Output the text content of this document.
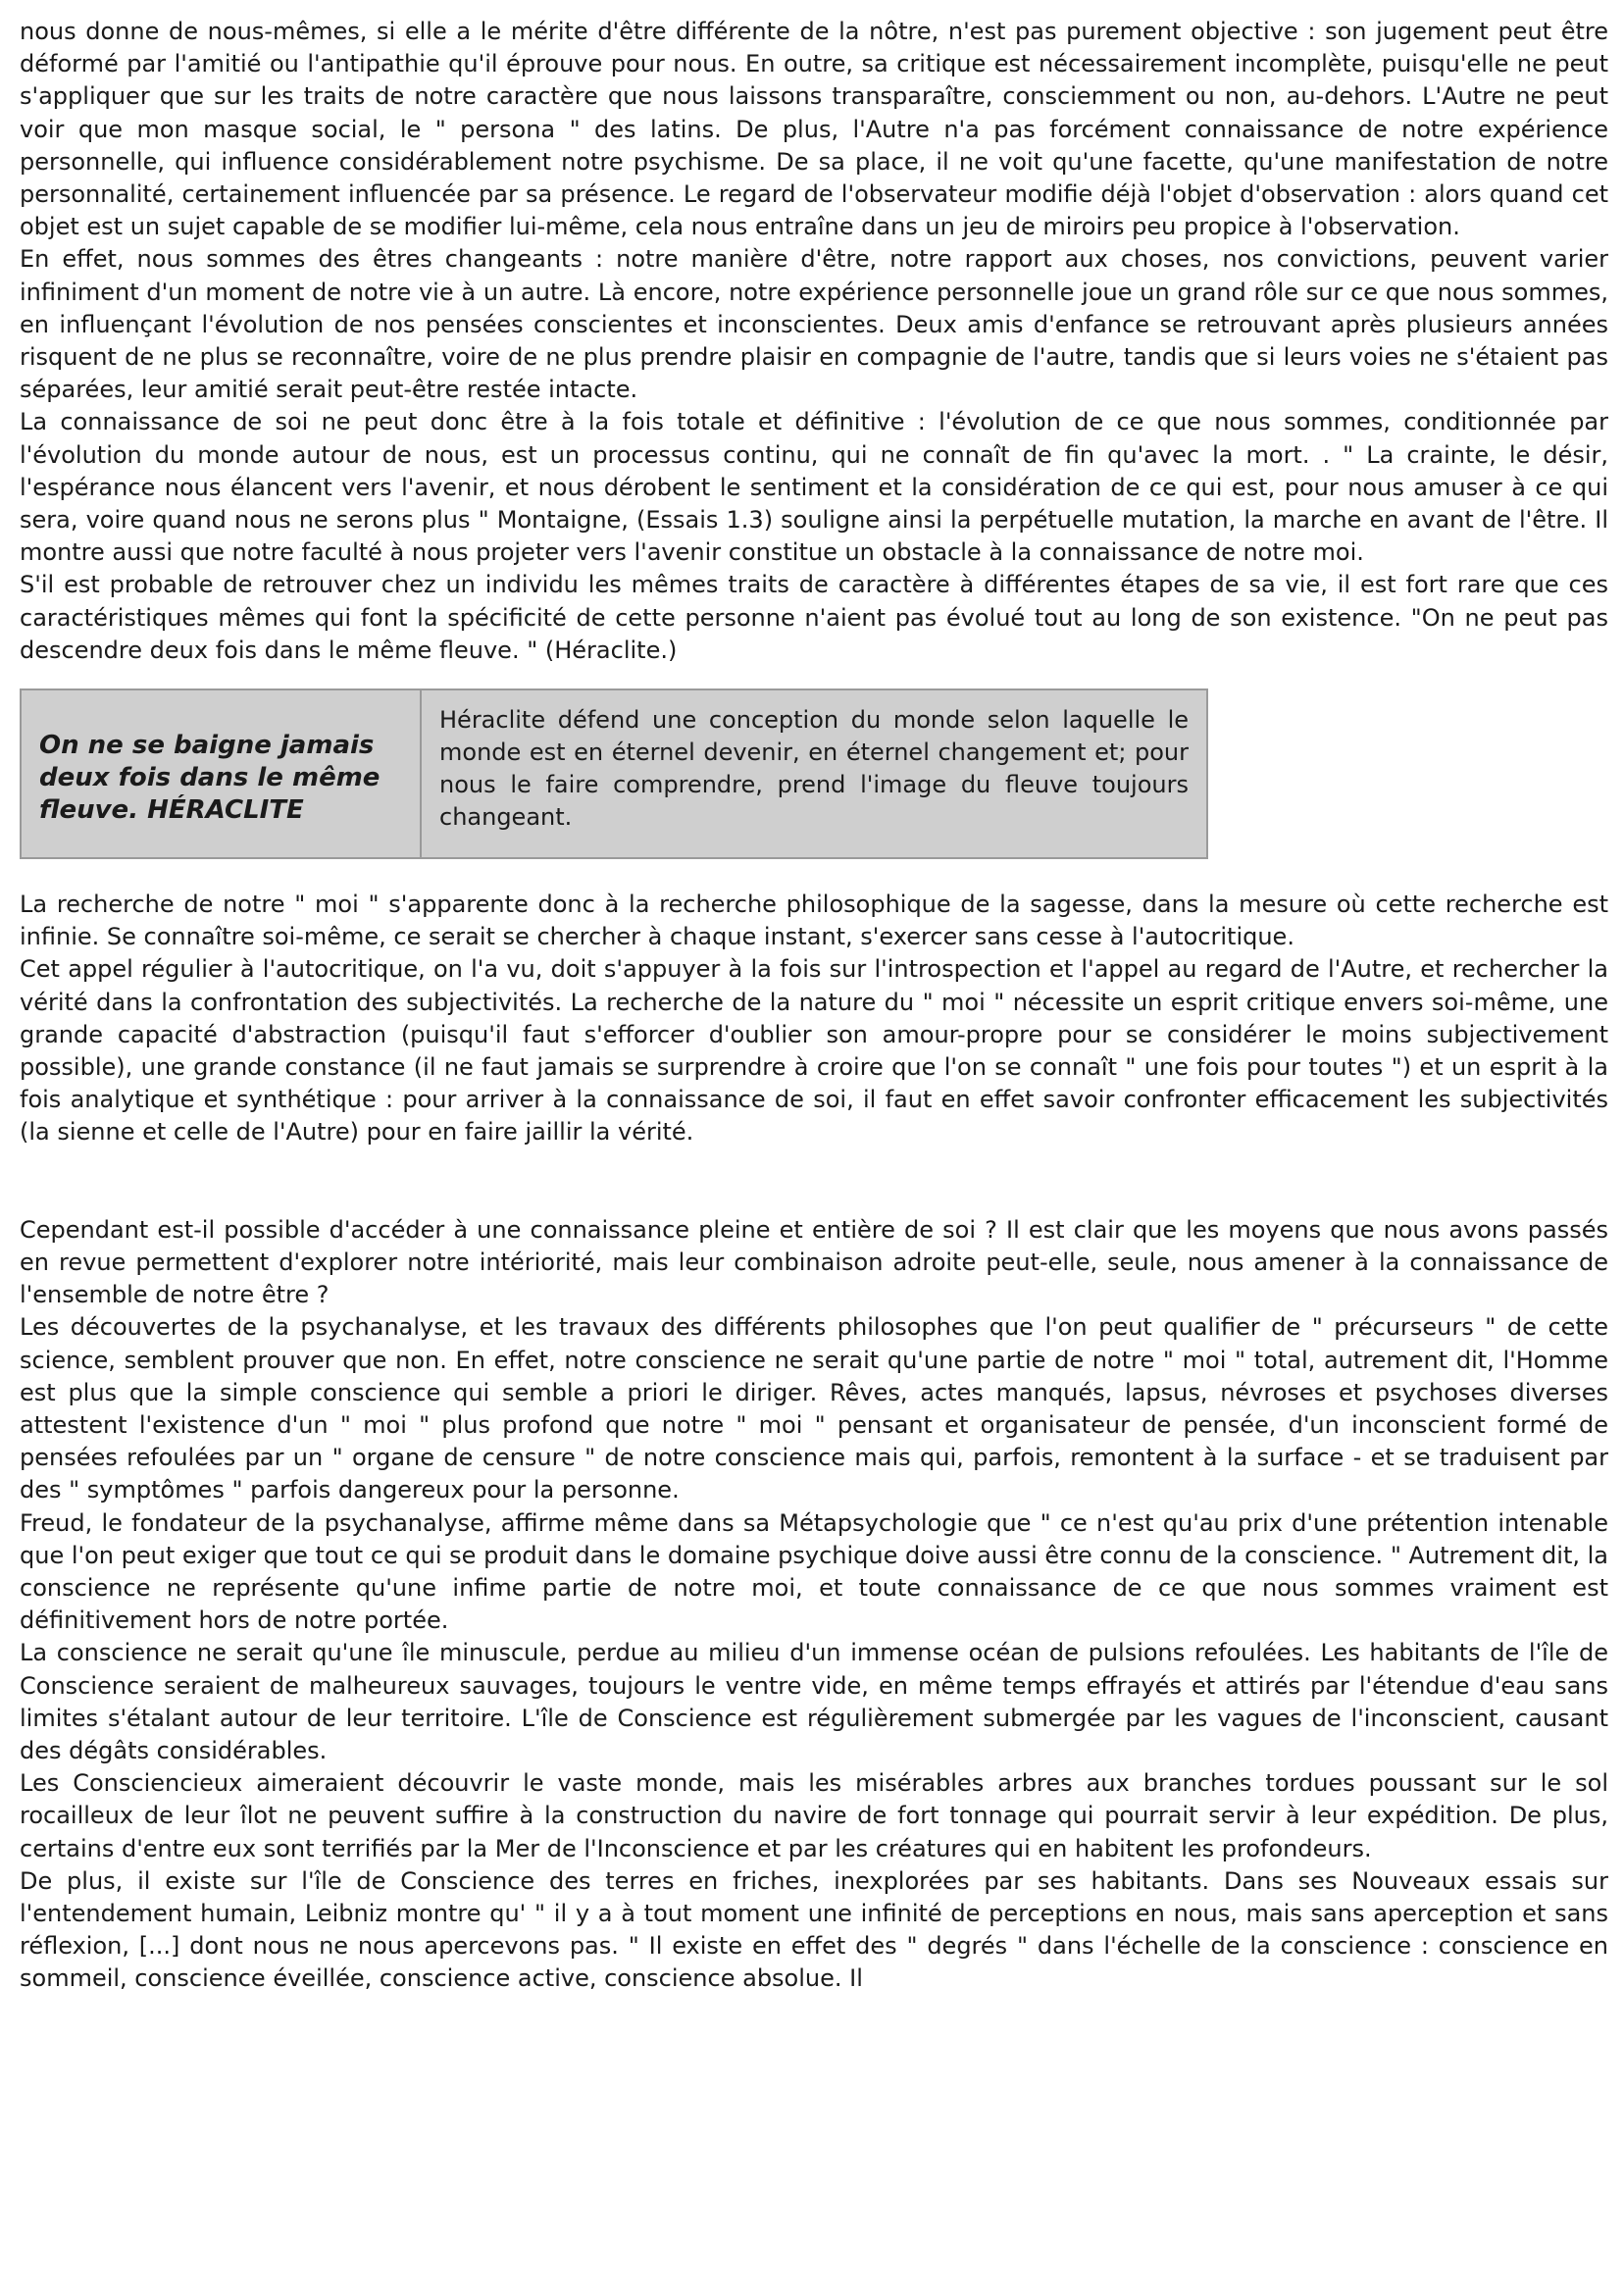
nous donne de nous-mêmes, si elle a le mérite d'être différente de la nôtre, n'est pas purement objective : son jugement peut être déformé par l'amitié ou l'antipathie qu'il éprouve pour nous. En outre, sa critique est nécessairement incomplète, puisqu'elle ne peut s'appliquer que sur les traits de notre caractère que nous laissons transparaître, consciemment ou non, au-dehors. L'Autre ne peut voir que mon masque social, le " persona " des latins. De plus, l'Autre n'a pas forcément connaissance de notre expérience personnelle, qui influence considérablement notre psychisme. De sa place, il ne voit qu'une facette, qu'une manifestation de notre personnalité, certainement influencée par sa présence. Le regard de l'observateur modifie déjà l'objet d'observation : alors quand cet objet est un sujet capable de se modifier lui-même, cela nous entraîne dans un jeu de miroirs peu propice à l'observation.

En effet, nous sommes des êtres changeants : notre manière d'être, notre rapport aux choses, nos convictions, peuvent varier infiniment d'un moment de notre vie à un autre. Là encore, notre expérience personnelle joue un grand rôle sur ce que nous sommes, en influençant l'évolution de nos pensées conscientes et inconscientes. Deux amis d'enfance se retrouvant après plusieurs années risquent de ne plus se reconnaître, voire de ne plus prendre plaisir en compagnie de l'autre, tandis que si leurs voies ne s'étaient pas séparées, leur amitié serait peut-être restée intacte.

La connaissance de soi ne peut donc être à la fois totale et définitive : l'évolution de ce que nous sommes, conditionnée par l'évolution du monde autour de nous, est un processus continu, qui ne connaît de fin qu'avec la mort. . " La crainte, le désir, l'espérance nous élancent vers l'avenir, et nous dérobent le sentiment et la considération de ce qui est, pour nous amuser à ce qui sera, voire quand nous ne serons plus " Montaigne, (Essais 1.3) souligne ainsi la perpétuelle mutation, la marche en avant de l'être. Il montre aussi que notre faculté à nous projeter vers l'avenir constitue un obstacle à la connaissance de notre moi.

S'il est probable de retrouver chez un individu les mêmes traits de caractère à différentes étapes de sa vie, il est fort rare que ces caractéristiques mêmes qui font la spécificité de cette personne n'aient pas évolué tout au long de son existence. "On ne peut pas descendre deux fois dans le même fleuve. " (Héraclite.)

On ne se baigne jamais deux fois dans le même fleuve. HÉRACLITE
Héraclite défend une conception du monde selon laquelle le monde est en éternel devenir, en éternel changement et; pour nous le faire comprendre, prend l'image du fleuve toujours changeant.

La recherche de notre " moi " s'apparente donc à la recherche philosophique de la sagesse, dans la mesure où cette recherche est infinie. Se connaître soi-même, ce serait se chercher à chaque instant, s'exercer sans cesse à l'autocritique.

Cet appel régulier à l'autocritique, on l'a vu, doit s'appuyer à la fois sur l'introspection et l'appel au regard de l'Autre, et rechercher la vérité dans la confrontation des subjectivités. La recherche de la nature du " moi " nécessite un esprit critique envers soi-même, une grande capacité d'abstraction (puisqu'il faut s'efforcer d'oublier son amour-propre pour se considérer le moins subjectivement possible), une grande constance (il ne faut jamais se surprendre à croire que l'on se connaît " une fois pour toutes ") et un esprit à la fois analytique et synthétique : pour arriver à la connaissance de soi, il faut en effet savoir confronter efficacement les subjectivités (la sienne et celle de l'Autre) pour en faire jaillir la vérité.

Cependant est-il possible d'accéder à une connaissance pleine et entière de soi ? Il est clair que les moyens que nous avons passés en revue permettent d'explorer notre intériorité, mais leur combinaison adroite peut-elle, seule, nous amener à la connaissance de l'ensemble de notre être ?

Les découvertes de la psychanalyse, et les travaux des différents philosophes que l'on peut qualifier de " précurseurs " de cette science, semblent prouver que non. En effet, notre conscience ne serait qu'une partie de notre " moi " total, autrement dit, l'Homme est plus que la simple conscience qui semble a priori le diriger. Rêves, actes manqués, lapsus, névroses et psychoses diverses attestent l'existence d'un " moi " plus profond que notre " moi " pensant et organisateur de pensée, d'un inconscient formé de pensées refoulées par un " organe de censure " de notre conscience mais qui, parfois, remontent à la surface - et se traduisent par des " symptômes " parfois dangereux pour la personne.

Freud, le fondateur de la psychanalyse, affirme même dans sa Métapsychologie que " ce n'est qu'au prix d'une prétention intenable que l'on peut exiger que tout ce qui se produit dans le domaine psychique doive aussi être connu de la conscience. " Autrement dit, la conscience ne représente qu'une infime partie de notre moi, et toute connaissance de ce que nous sommes vraiment est définitivement hors de notre portée.

La conscience ne serait qu'une île minuscule, perdue au milieu d'un immense océan de pulsions refoulées. Les habitants de l'île de Conscience seraient de malheureux sauvages, toujours le ventre vide, en même temps effrayés et attirés par l'étendue d'eau sans limites s'étalant autour de leur territoire. L'île de Conscience est régulièrement submergée par les vagues de l'inconscient, causant des dégâts considérables.

Les Consciencieux aimeraient découvrir le vaste monde, mais les misérables arbres aux branches tordues poussant sur le sol rocailleux de leur îlot ne peuvent suffire à la construction du navire de fort tonnage qui pourrait servir à leur expédition. De plus, certains d'entre eux sont terrifiés par la Mer de l'Inconscience et par les créatures qui en habitent les profondeurs.

De plus, il existe sur l'île de Conscience des terres en friches, inexplorées par ses habitants. Dans ses Nouveaux essais sur l'entendement humain, Leibniz montre qu' " il y a à tout moment une infinité de perceptions en nous, mais sans aperception et sans réflexion, [...] dont nous ne nous apercevons pas. " Il existe en effet des " degrés " dans l'échelle de la conscience : conscience en sommeil, conscience éveillée, conscience active, conscience absolue. Il
